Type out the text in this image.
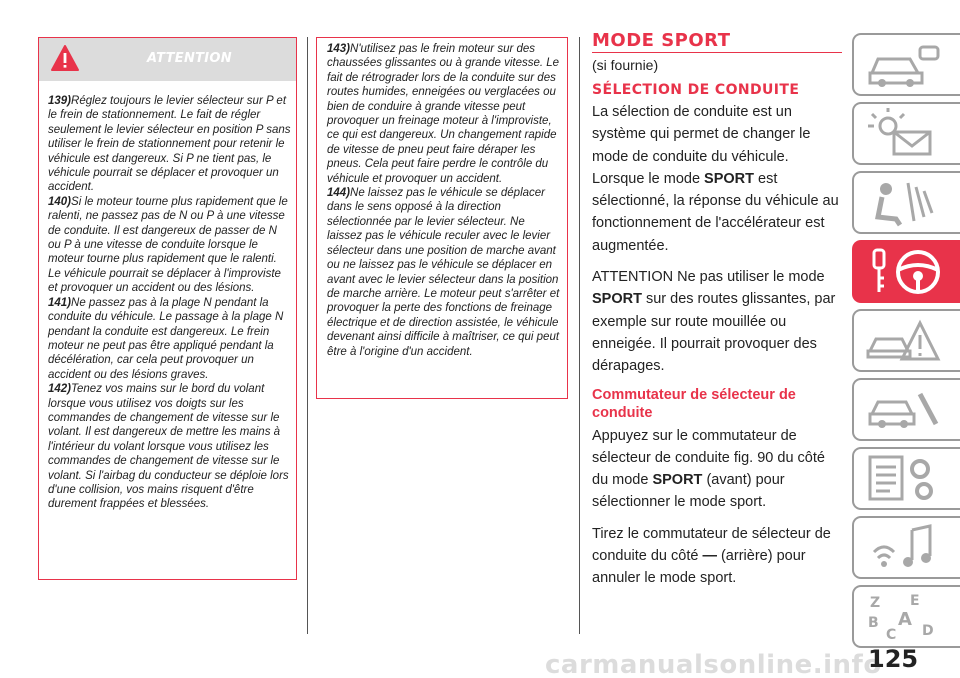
ATTENTION

139)Réglez toujours le levier sélecteur sur P et le frein de stationnement. Le fait de régler seulement le levier sélecteur en position P sans utiliser le frein de stationnement pour retenir le véhicule est dangereux. Si P ne tient pas, le véhicule pourrait se déplacer et provoquer un accident.

140)Si le moteur tourne plus rapidement que le ralenti, ne passez pas de N ou P à une vitesse de conduite. Il est dangereux de passer de N ou P à une vitesse de conduite lorsque le moteur tourne plus rapidement que le ralenti. Le véhicule pourrait se déplacer à l'improviste et provoquer un accident ou des lésions.

141)Ne passez pas à la plage N pendant la conduite du véhicule. Le passage à la plage N pendant la conduite est dangereux. Le frein moteur ne peut pas être appliqué pendant la décélération, car cela peut provoquer un accident ou des lésions graves.

142)Tenez vos mains sur le bord du volant lorsque vous utilisez vos doigts sur les commandes de changement de vitesse sur le volant. Il est dangereux de mettre les mains à l'intérieur du volant lorsque vous utilisez les commandes de changement de vitesse sur le volant. Si l'airbag du conducteur se déploie lors d'une collision, vos mains risquent d'être durement frappées et blessées.

143)N'utilisez pas le frein moteur sur des chaussées glissantes ou à grande vitesse. Le fait de rétrograder lors de la conduite sur des routes humides, enneigées ou verglacées ou bien de conduire à grande vitesse peut provoquer un freinage moteur à l'improviste, ce qui est dangereux. Un changement rapide de vitesse de pneu peut faire déraper les pneus. Cela peut faire perdre le contrôle du véhicule et provoquer un accident.

144)Ne laissez pas le véhicule se déplacer dans le sens opposé à la direction sélectionnée par le levier sélecteur. Ne laissez pas le véhicule reculer avec le levier sélecteur dans une position de marche avant ou ne laissez pas le véhicule se déplacer en avant avec le levier sélecteur dans la position de marche arrière. Le moteur peut s'arrêter et provoquer la perte des fonctions de freinage électrique et de direction assistée, le véhicule devenant ainsi difficile à maîtriser, ce qui peut être à l'origine d'un accident.

MODE SPORT
(si fournie)
SÉLECTION DE CONDUITE

La sélection de conduite est un système qui permet de changer le mode de conduite du véhicule. Lorsque le mode SPORT est sélectionné, la réponse du véhicule au fonctionnement de l'accélérateur est augmentée.

ATTENTION Ne pas utiliser le mode SPORT sur des routes glissantes, par exemple sur route mouillée ou enneigée. Il pourrait provoquer des dérapages.

Commutateur de sélecteur de conduite

Appuyez sur le commutateur de sélecteur de conduite fig. 90 du côté du mode SPORT (avant) pour sélectionner le mode sport.

Tirez le commutateur de sélecteur de conduite du côté — (arrière) pour annuler le mode sport.

Z E
B A
C D
carmanualsonline.info
125
